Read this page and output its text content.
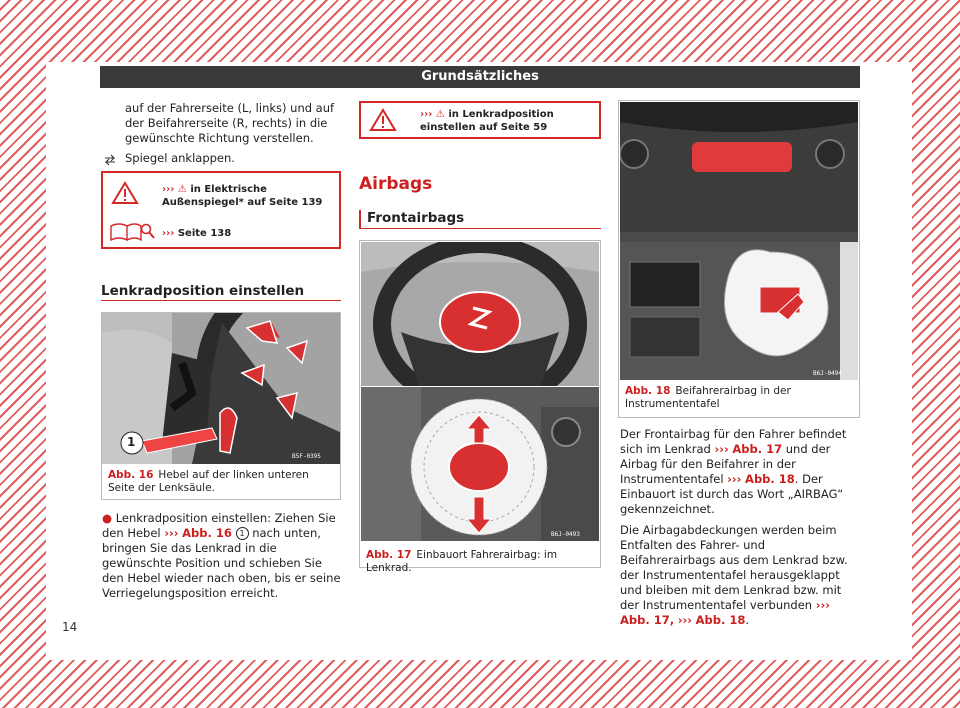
Grundsätzliches
auf der Fahrerseite (L, links) und auf der Beifahrerseite (R, rechts) in die gewünschte Richtung verstellen.
Spiegel anklappen.
››› ⚠ in Elektrische Außenspiegel* auf Seite 139
››› Seite 138
Lenkradposition einstellen
1
B5F-0395
Abb. 16 Hebel auf der linken unteren Seite der Lenksäule.
● Lenkradposition einstellen: Ziehen Sie den Hebel ››› Abb. 16 1 nach unten, bringen Sie das Lenkrad in die gewünschte Position und schieben Sie den Hebel wieder nach oben, bis er seine Verriegelungsposition erreicht.
››› ⚠ in Lenkradposition einstellen auf Seite 59
Airbags
Frontairbags
B6J-0493
Abb. 17 Einbauort Fahrerairbag: im Lenkrad.
B6J-0494
Abb. 18 Beifahrerairbag in der Instrumententafel

Der Frontairbag für den Fahrer befindet sich im Lenkrad ››› Abb. 17 und der Airbag für den Beifahrer in der Instrumententafel ››› Abb. 18. Der Einbauort ist durch das Wort „AIRBAG“ gekennzeichnet.

Die Airbagabdeckungen werden beim Entfalten des Fahrer- und Beifahrerairbags aus dem Lenkrad bzw. der Instrumententafel herausgeklappt und bleiben mit dem Lenkrad bzw. mit der Instrumententafel verbunden ››› Abb. 17, ››› Abb. 18.

14
